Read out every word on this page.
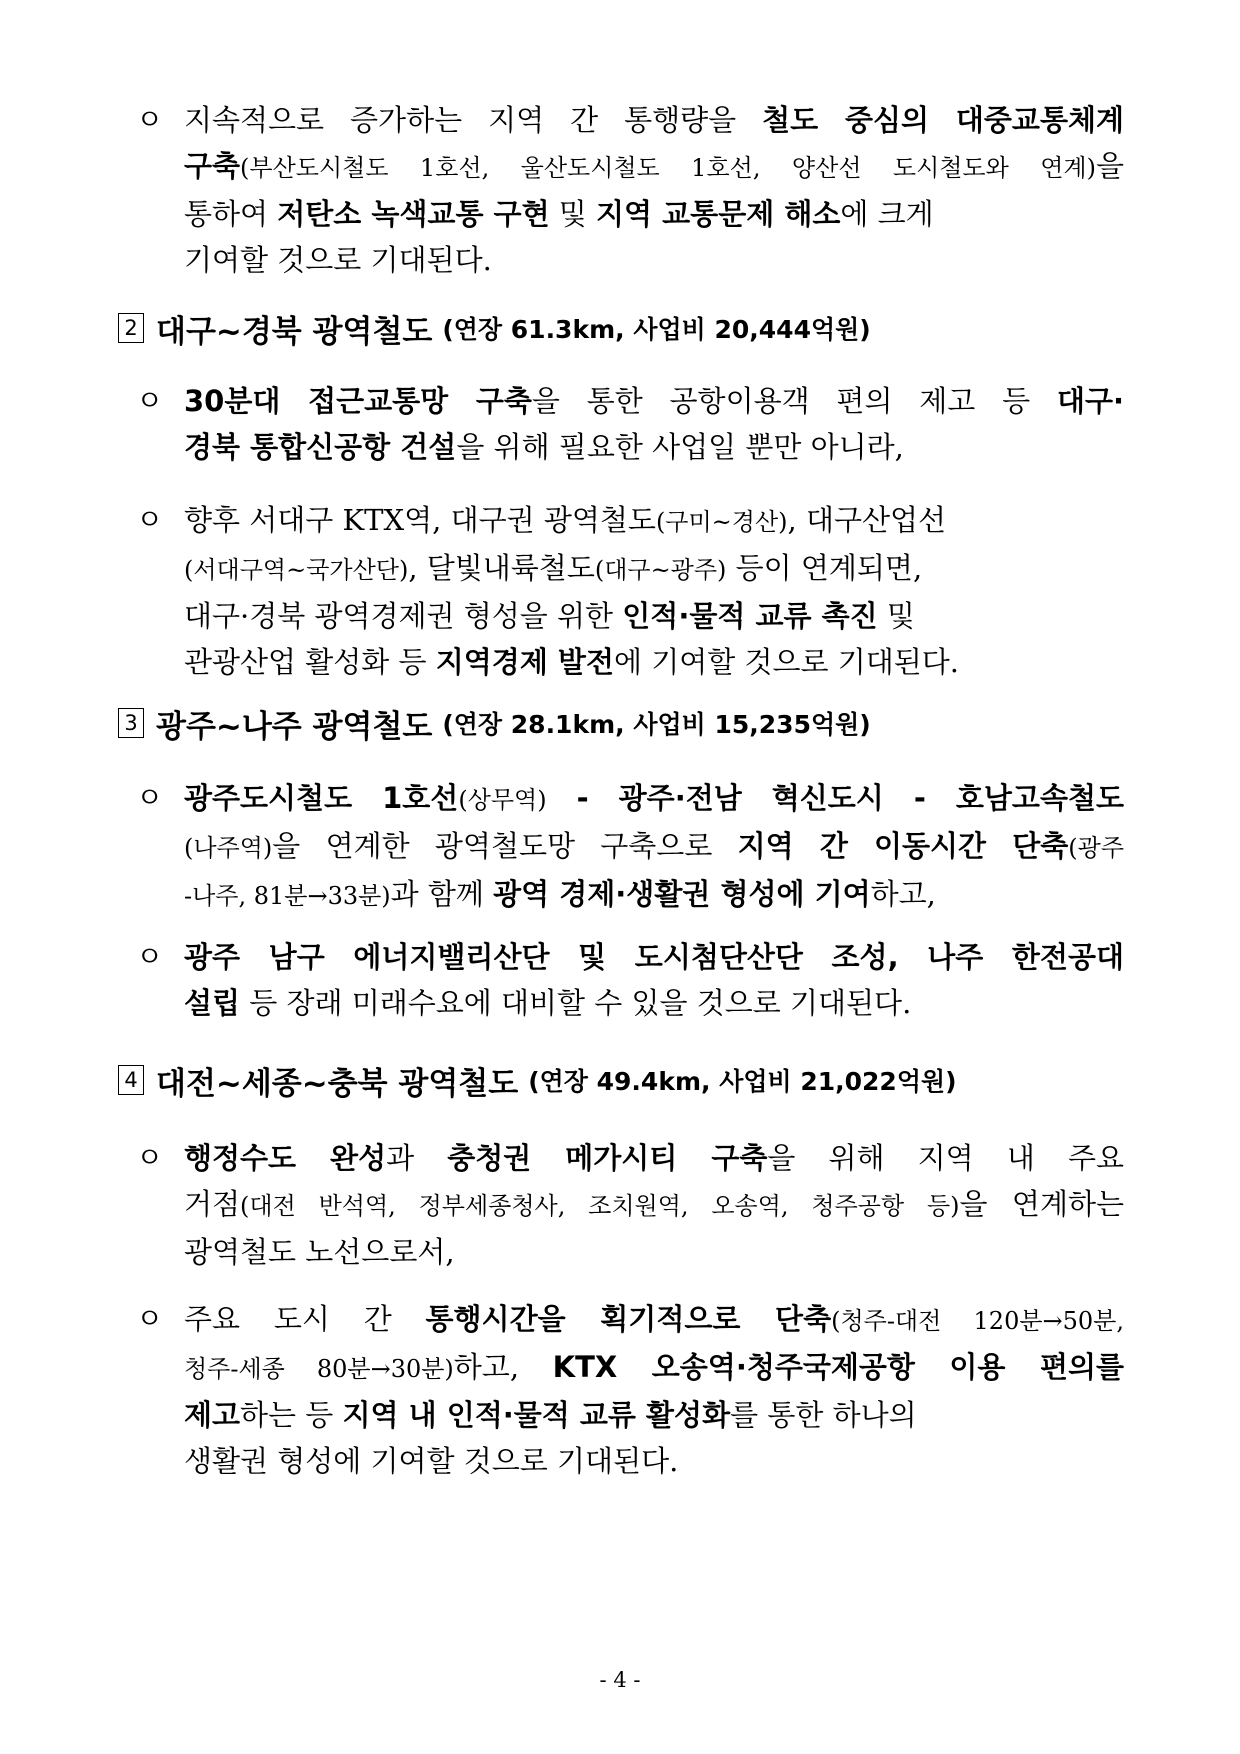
ㅇ 지속적으로 증가하는 지역 간 통행량을 철도 중심의 대중교통체계
구축(부산도시철도 1호선, 울산도시철도 1호선, 양산선 도시철도와 연계)을
통하여 저탄소 녹색교통 구현 및 지역 교통문제 해소에 크게
기여할 것으로 기대된다.
2 대구~경북 광역철도 (연장 61.3km, 사업비 20,444억원)
ㅇ 30분대 접근교통망 구축을 통한 공항이용객 편의 제고 등 대구·
경북 통합신공항 건설을 위해 필요한 사업일 뿐만 아니라,
ㅇ 향후 서대구 KTX역, 대구권 광역철도(구미~경산), 대구산업선
(서대구역~국가산단), 달빛내륙철도(대구~광주) 등이 연계되면,
대구·경북 광역경제권 형성을 위한 인적·물적 교류 촉진 및
관광산업 활성화 등 지역경제 발전에 기여할 것으로 기대된다.
3 광주~나주 광역철도 (연장 28.1km, 사업비 15,235억원)
ㅇ 광주도시철도 1호선(상무역) - 광주·전남 혁신도시 - 호남고속철도
(나주역)을 연계한 광역철도망 구축으로 지역 간 이동시간 단축(광주
-나주, 81분→33분)과 함께 광역 경제·생활권 형성에 기여하고,
ㅇ 광주 남구 에너지밸리산단 및 도시첨단산단 조성, 나주 한전공대
설립 등 장래 미래수요에 대비할 수 있을 것으로 기대된다.
4 대전~세종~충북 광역철도 (연장 49.4km, 사업비 21,022억원)
ㅇ 행정수도 완성과 충청권 메가시티 구축을 위해 지역 내 주요
거점(대전 반석역, 정부세종청사, 조치원역, 오송역, 청주공항 등)을 연계하는
광역철도 노선으로서,
ㅇ 주요 도시 간 통행시간을 획기적으로 단축(청주-대전 120분→50분,
청주-세종 80분→30분)하고, KTX 오송역·청주국제공항 이용 편의를
제고하는 등 지역 내 인적·물적 교류 활성화를 통한 하나의
생활권 형성에 기여할 것으로 기대된다.
- 4 -
